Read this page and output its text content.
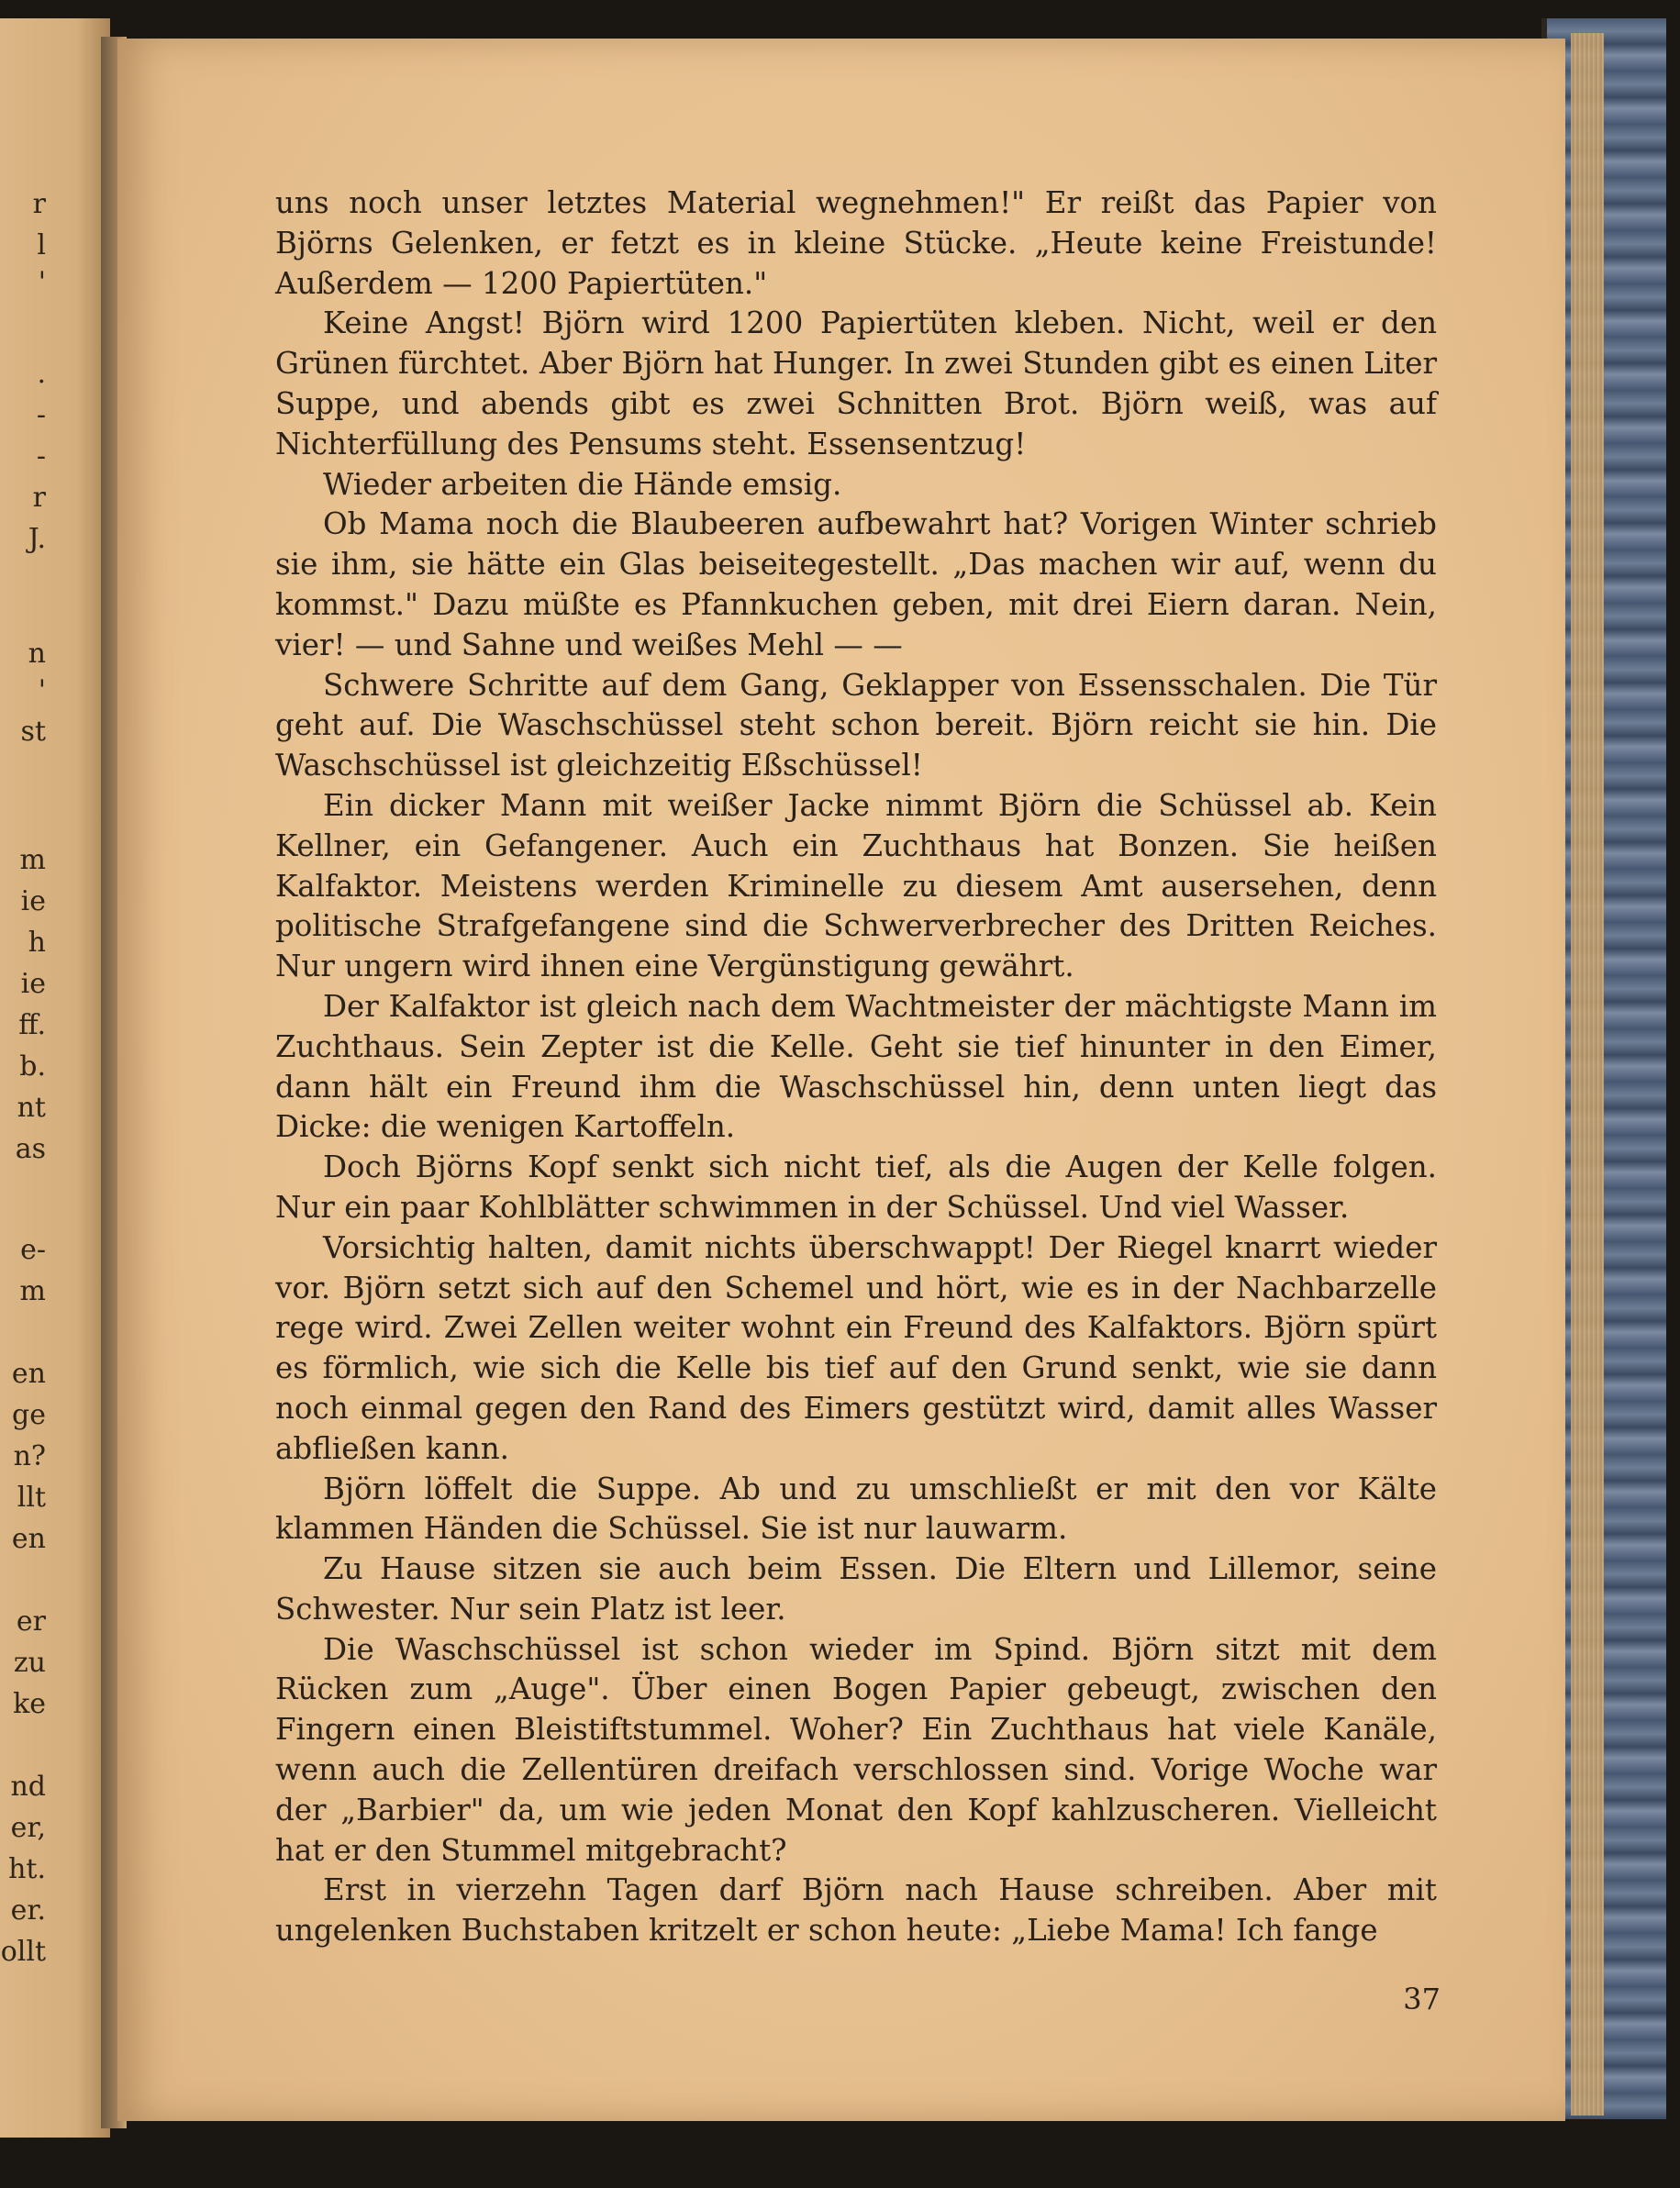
r
l
'
.
-
-
r
J.
n
'
st
m
ie
h
ie
ff.
b.
nt
as
e-
m
en
ge
n?
llt
en
er
zu
ke
nd
er,
ht.
er.
ollt

uns noch unser letztes Material wegnehmen!" Er reißt das Papier von Björns Gelenken, er fetzt es in kleine Stücke. „Heute keine Freistunde! Außerdem — 1200 Papiertüten."

Keine Angst! Björn wird 1200 Papiertüten kleben. Nicht, weil er den Grünen fürchtet. Aber Björn hat Hunger. In zwei Stunden gibt es einen Liter Suppe, und abends gibt es zwei Schnitten Brot. Björn weiß, was auf Nichterfüllung des Pensums steht. Essensentzug!

Wieder arbeiten die Hände emsig.

Ob Mama noch die Blaubeeren aufbewahrt hat? Vorigen Winter schrieb sie ihm, sie hätte ein Glas beiseitegestellt. „Das machen wir auf, wenn du kommst." Dazu müßte es Pfannkuchen geben, mit drei Eiern daran. Nein, vier! — und Sahne und weißes Mehl — —

Schwere Schritte auf dem Gang, Geklapper von Essensschalen. Die Tür geht auf. Die Waschschüssel steht schon bereit. Björn reicht sie hin. Die Waschschüssel ist gleichzeitig Eßschüssel!

Ein dicker Mann mit weißer Jacke nimmt Björn die Schüssel ab. Kein Kellner, ein Gefangener. Auch ein Zuchthaus hat Bonzen. Sie heißen Kalfaktor. Meistens werden Kriminelle zu diesem Amt ausersehen, denn politische Strafgefangene sind die Schwerverbrecher des Dritten Reiches. Nur ungern wird ihnen eine Vergünstigung gewährt.

Der Kalfaktor ist gleich nach dem Wachtmeister der mächtigste Mann im Zuchthaus. Sein Zepter ist die Kelle. Geht sie tief hinunter in den Eimer, dann hält ein Freund ihm die Waschschüssel hin, denn unten liegt das Dicke: die wenigen Kartoffeln.

Doch Björns Kopf senkt sich nicht tief, als die Augen der Kelle folgen. Nur ein paar Kohlblätter schwimmen in der Schüssel. Und viel Wasser.

Vorsichtig halten, damit nichts überschwappt! Der Riegel knarrt wieder vor. Björn setzt sich auf den Schemel und hört, wie es in der Nachbarzelle rege wird. Zwei Zellen weiter wohnt ein Freund des Kalfaktors. Björn spürt es förmlich, wie sich die Kelle bis tief auf den Grund senkt, wie sie dann noch einmal gegen den Rand des Eimers gestützt wird, damit alles Wasser abfließen kann.

Björn löffelt die Suppe. Ab und zu umschließt er mit den vor Kälte klammen Händen die Schüssel. Sie ist nur lauwarm.

Zu Hause sitzen sie auch beim Essen. Die Eltern und Lillemor, seine Schwester. Nur sein Platz ist leer.

Die Waschschüssel ist schon wieder im Spind. Björn sitzt mit dem Rücken zum „Auge". Über einen Bogen Papier gebeugt, zwischen den Fingern einen Bleistiftstummel. Woher? Ein Zuchthaus hat viele Kanäle, wenn auch die Zellentüren dreifach verschlossen sind. Vorige Woche war der „Barbier" da, um wie jeden Monat den Kopf kahlzuscheren. Vielleicht hat er den Stummel mitgebracht?

Erst in vierzehn Tagen darf Björn nach Hause schreiben. Aber mit ungelenken Buchstaben kritzelt er schon heute: „Liebe Mama! Ich fange

37
